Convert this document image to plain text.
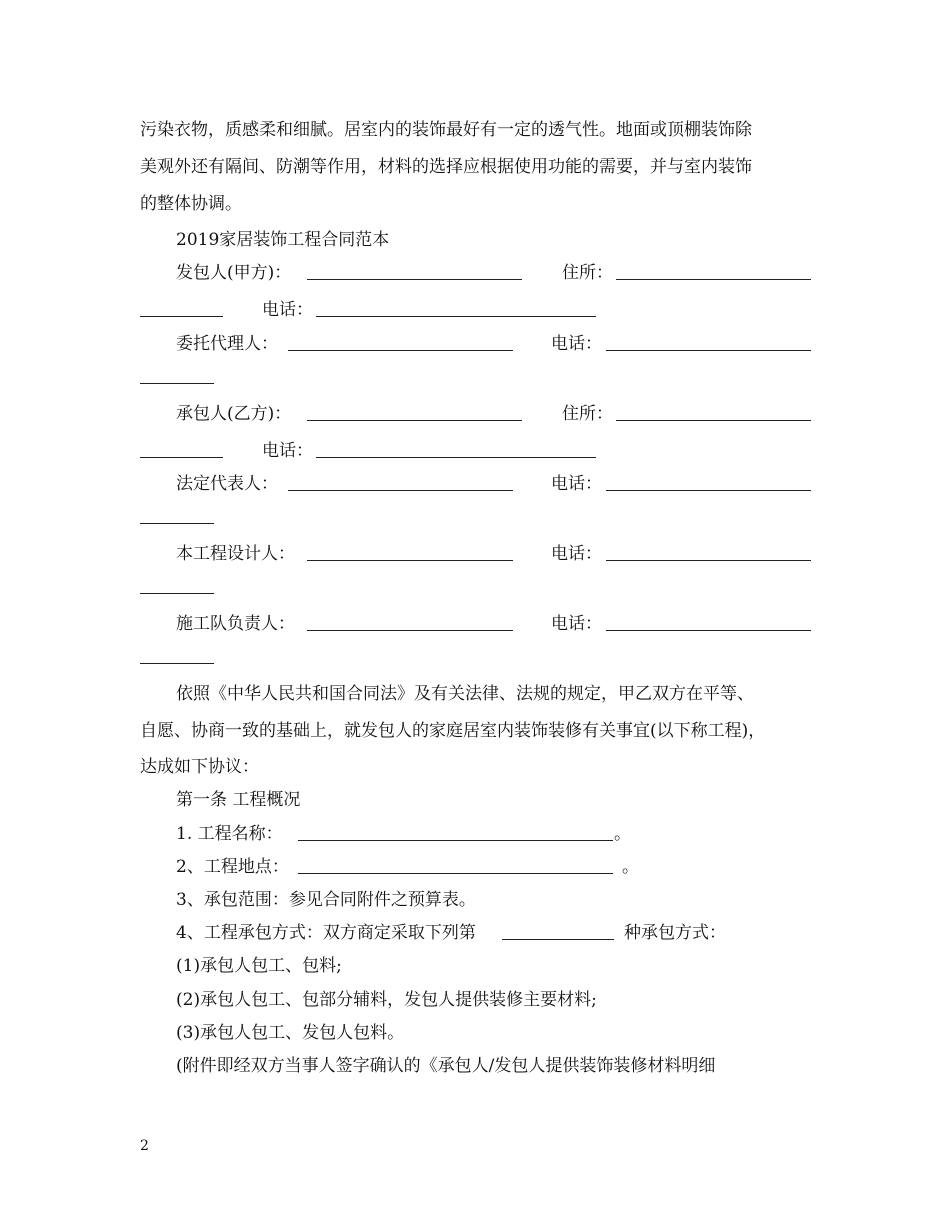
污染衣物，质感柔和细腻。居室内的装饰最好有一定的透气性。地面或顶棚装饰除
美观外还有隔间、防潮等作用，材料的选择应根据使用功能的需要，并与室内装饰
的整体协调。
2019家居装饰工程合同范本
发包人(甲方)：	住所：
电话：
委托代理人：	电话：
承包人(乙方)：	住所：
电话：
法定代表人：	电话：
本工程设计人：	电话：
施工队负责人：	电话：
依照《中华人民共和国合同法》及有关法律、法规的规定，甲乙双方在平等、
自愿、协商一致的基础上，就发包人的家庭居室内装饰装修有关事宜(以下称工程)，
达成如下协议：
第一条 工程概况
1. 工程名称：	。
2、工程地点：	。
3、承包范围：参见合同附件之预算表。
4、工程承包方式：双方商定采取下列第	种承包方式：
(1)承包人包工、包料;
(2)承包人包工、包部分辅料，发包人提供装修主要材料;
(3)承包人包工、发包人包料。
(附件即经双方当事人签字确认的《承包人/发包人提供装饰装修材料明细
2
